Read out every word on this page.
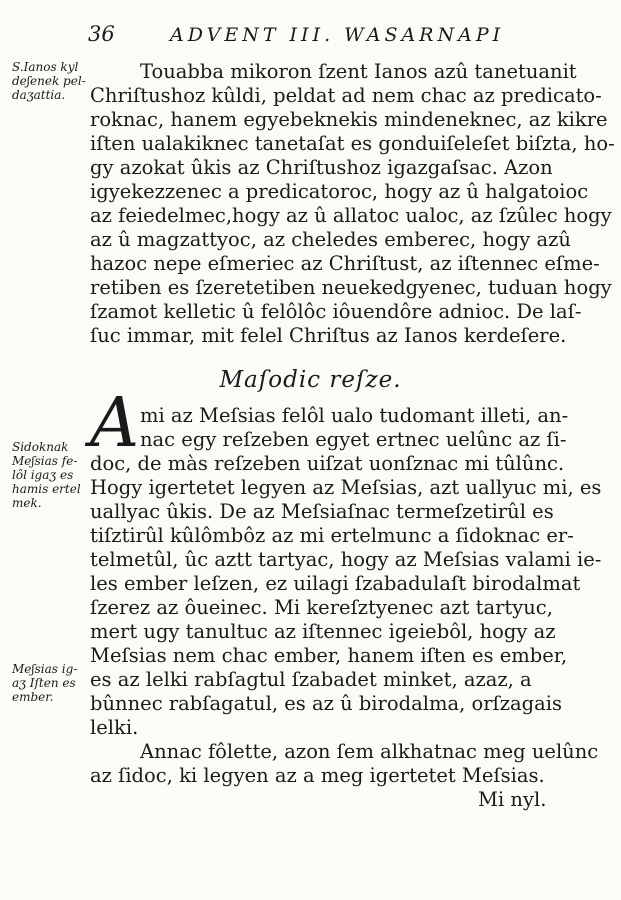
36	ADVENT III. WASARNAPI
S.Ianos kyl
deʃenek pel-
daʒattia.
Sidoknak
Meʃsias fe-
lôl igaʒ es
hamis ertel
mek.
Meʃsias ig-
aʒ Iſten es
ember.
Touabba mikoron ſzent Ianos azû tanetuanit
Chriſtushoz kûldi, peldat ad nem chac az predicato-
roknac, hanem egyebeknekis mindeneknec, az kikre
iſten ualakiknec tanetaſat es gonduiſeleſet biſzta, ho-
gy azokat ûkis az Chriſtushoz igazgaſsac. Azon
igyekezzenec a predicatoroc, hogy az û halgatoioc
az feiedelmec,hogy az û allatoc ualoc, az ſzûlec hogy
az û magzattyoc, az cheledes emberec, hogy azû
hazoc nepe eſmeriec az Chriſtust, az iſtennec eſme-
retiben es ſzeretetiben neuekedgyenec, tuduan hogy
ſzamot kelletic û felôlôc iôuendôre adnioc. De laſ-
ſuc immar, mit felel Chriſtus az Ianos kerdeſere.
Maſodic reſze.
A mi az Meſsias felôl ualo tudomant illeti, an-
nac egy reſzeben egyet ertnec uelûnc az ſi-
doc, de màs reſzeben uiſzat uonſznac mi tûlûnc.
Hogy igertetet legyen az Meſsias, azt uallyuc mi, es
uallyac ûkis. De az Meſsiaſnac termeſzetirûl es
tiſztirûl kûlômbôz az mi ertelmunc a ſidoknac er-
telmetûl, ûc aztt tartyac, hogy az Meſsias valami ie-
les ember leſzen, ez uilagi ſzabadulaſt birodalmat
ſzerez az ôueinec. Mi kereſztyenec azt tartyuc,
mert ugy tanultuc az iſtennec igeiebôl, hogy az
Meſsias nem chac ember, hanem iſten es ember,
es az lelki rabſagtul ſzabadet minket, azaz, a
bûnnec rabſagatul, es az û birodalma, orſzagais
lelki.
Annac fôlette, azon ſem alkhatnac meg uelûnc
az ſidoc, ki legyen az a meg igertetet Meſsias.
Mi nyl.
